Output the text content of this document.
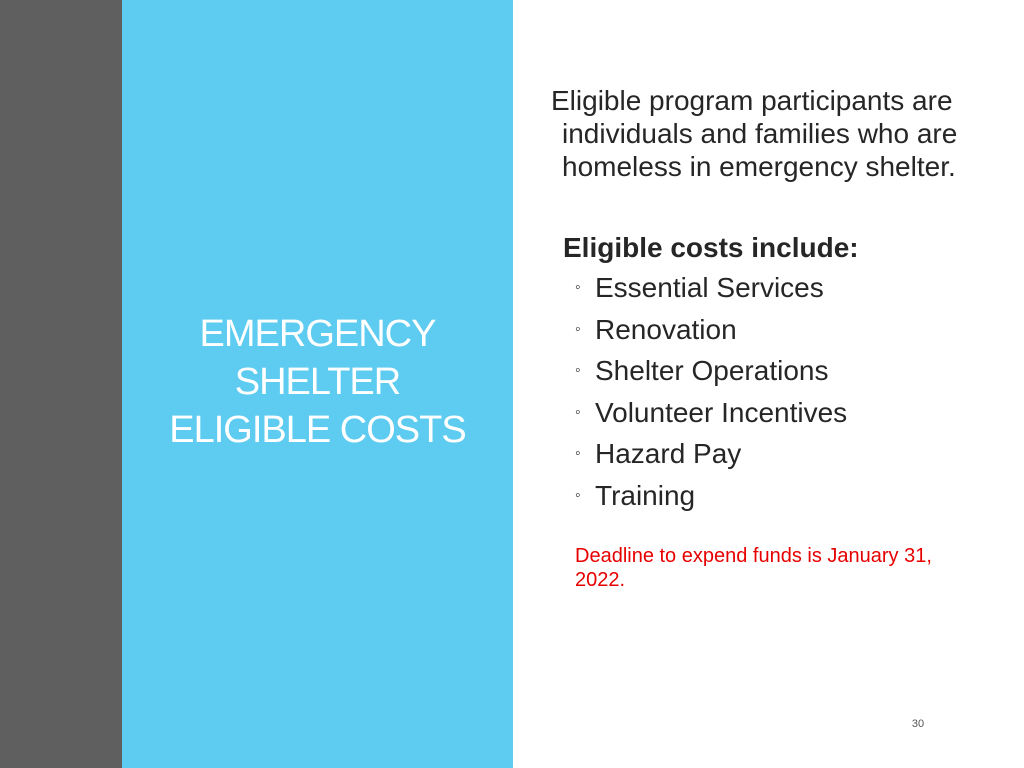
EMERGENCY
SHELTER
ELIGIBLE COSTS

Eligible program participants are individuals and families who are homeless in emergency shelter.

Eligible costs include:

◦ Essential Services
◦ Renovation
◦ Shelter Operations
◦ Volunteer Incentives
◦ Hazard Pay
◦ Training

Deadline to expend funds is January 31, 2022.

30
